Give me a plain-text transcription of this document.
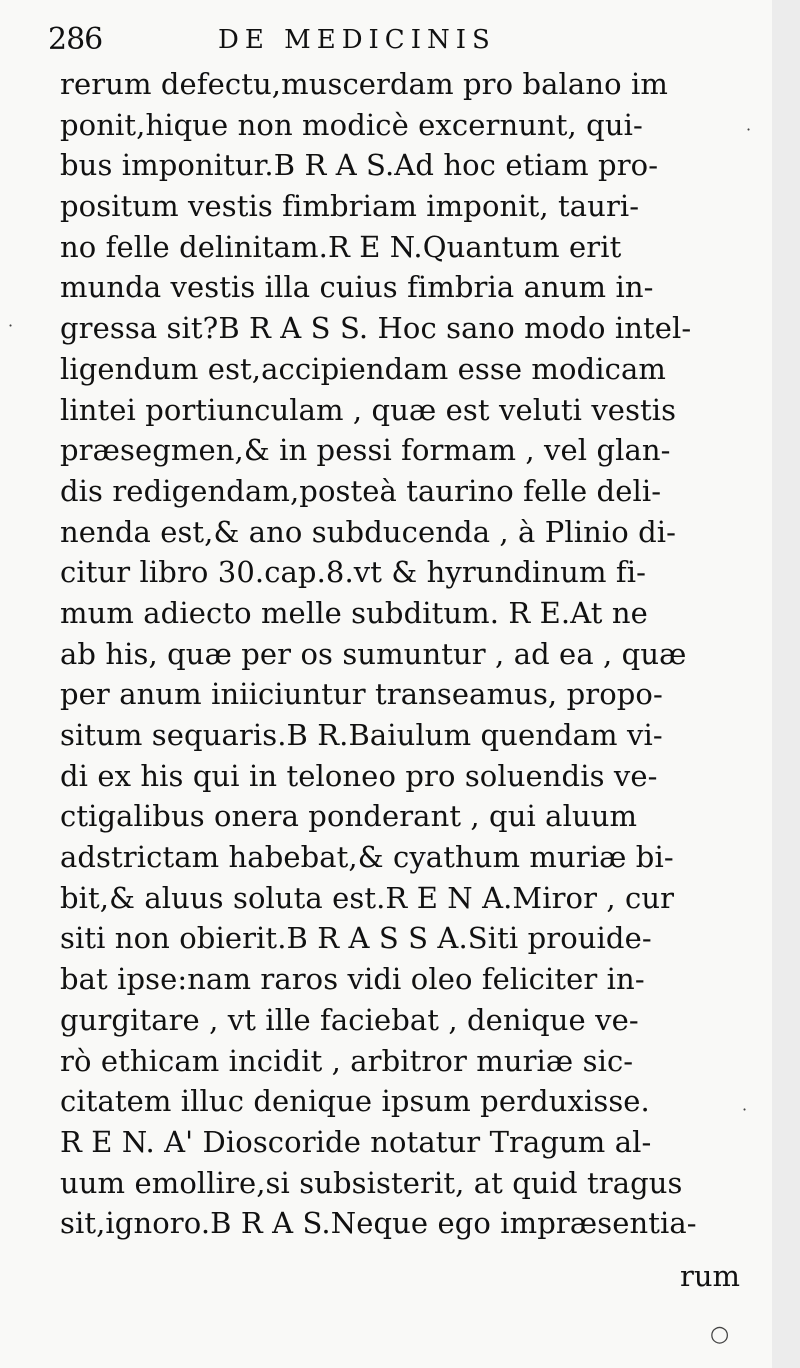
286	DE MEDICINIS
rerum defectu,muscerdam pro balano im
ponit,hique non modicè excernunt, qui-
bus imponitur.B R A S.Ad hoc etiam pro-
positum vestis fimbriam imponit, tauri-
no felle delinitam.R E N.Quantum erit
munda vestis illa cuius fimbria anum in-
gressa sit?B R A S S. Hoc sano modo intel-
ligendum est,accipiendam esse modicam
lintei portiunculam , quæ est veluti vestis
præsegmen,& in pessi formam , vel glan-
dis redigendam,posteà taurino felle deli-
nenda est,& ano subducenda , à Plinio di-
citur libro 30.cap.8.vt & hyrundinum fi-
mum adiecto melle subditum. R E.At ne
ab his, quæ per os sumuntur , ad ea , quæ
per anum iniiciuntur transeamus, propo-
situm sequaris.B R.Baiulum quendam vi-
di ex his qui in teloneo pro soluendis ve-
ctigalibus onera ponderant , qui aluum
adstrictam habebat,& cyathum muriæ bi-
bit,& aluus soluta est.R E N A.Miror , cur
siti non obierit.B R A S S A.Siti prouide-
bat ipse:nam raros vidi oleo feliciter in-
gurgitare , vt ille faciebat , denique ve-
rò ethicam incidit , arbitror muriæ sic-
citatem illuc denique ipsum perduxisse.
R E N. A' Dioscoride notatur Tragum al-
uum emollire,si subsisterit, at quid tragus
sit,ignoro.B R A S.Neque ego impræsentia-
rum
·
·
·
○
